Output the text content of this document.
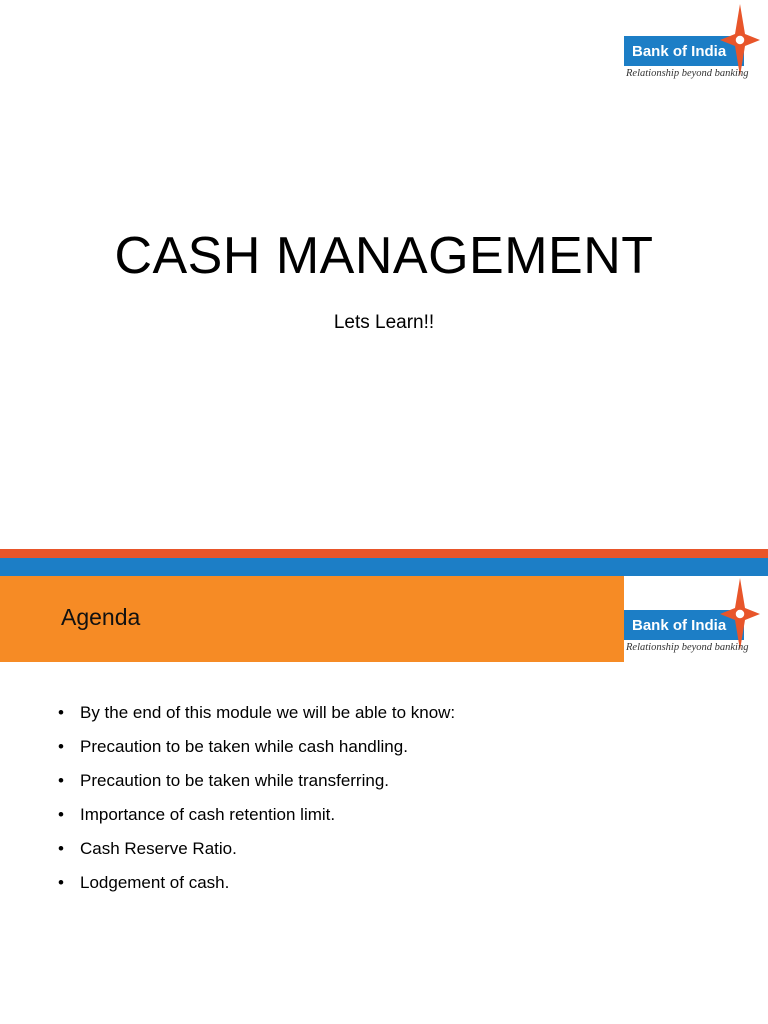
Bank of India
Relationship beyond banking
CASH MANAGEMENT
Lets Learn!!
Agenda	Bank of India
Relationship beyond banking
• By the end of this module we will be able to know:
• Precaution to be taken while cash handling.
• Precaution to be taken while transferring.
• Importance of cash retention limit.
• Cash Reserve Ratio.
• Lodgement of cash.
